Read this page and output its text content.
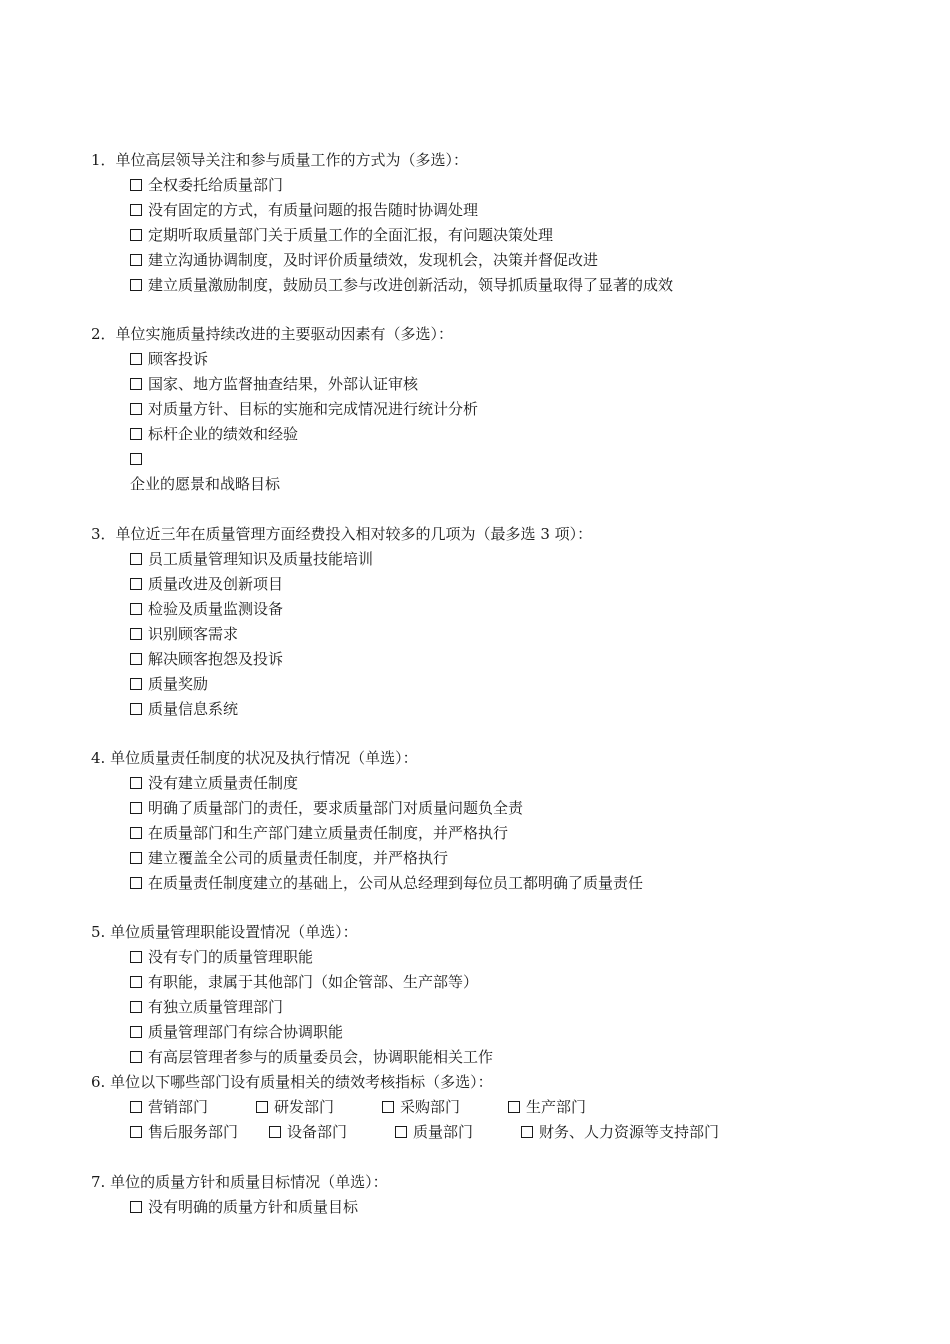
1．单位高层领导关注和参与质量工作的方式为（多选）：
全权委托给质量部门
没有固定的方式，有质量问题的报告随时协调处理
定期听取质量部门关于质量工作的全面汇报，有问题决策处理
建立沟通协调制度，及时评价质量绩效，发现机会，决策并督促改进
建立质量激励制度，鼓励员工参与改进创新活动，领导抓质量取得了显著的成效
2．单位实施质量持续改进的主要驱动因素有（多选）：
顾客投诉
国家、地方监督抽查结果，外部认证审核
对质量方针、目标的实施和完成情况进行统计分析
标杆企业的绩效和经验
企业的愿景和战略目标
3．单位近三年在质量管理方面经费投入相对较多的几项为（最多选 3 项）：
员工质量管理知识及质量技能培训
质量改进及创新项目
检验及质量监测设备
识别顾客需求
解决顾客抱怨及投诉
质量奖励
质量信息系统
4. 单位质量责任制度的状况及执行情况（单选）：
没有建立质量责任制度
明确了质量部门的责任，要求质量部门对质量问题负全责
在质量部门和生产部门建立质量责任制度，并严格执行
建立覆盖全公司的质量责任制度，并严格执行
在质量责任制度建立的基础上，公司从总经理到每位员工都明确了质量责任
5. 单位质量管理职能设置情况（单选）：
没有专门的质量管理职能
有职能，隶属于其他部门（如企管部、生产部等）
有独立质量管理部门
质量管理部门有综合协调职能
有高层管理者参与的质量委员会，协调职能相关工作
6. 单位以下哪些部门设有质量相关的绩效考核指标（多选）：
营销部门	研发部门	采购部门	生产部门
售后服务部门	设备部门	质量部门	财务、人力资源等支持部门
7. 单位的质量方针和质量目标情况（单选）：
没有明确的质量方针和质量目标
